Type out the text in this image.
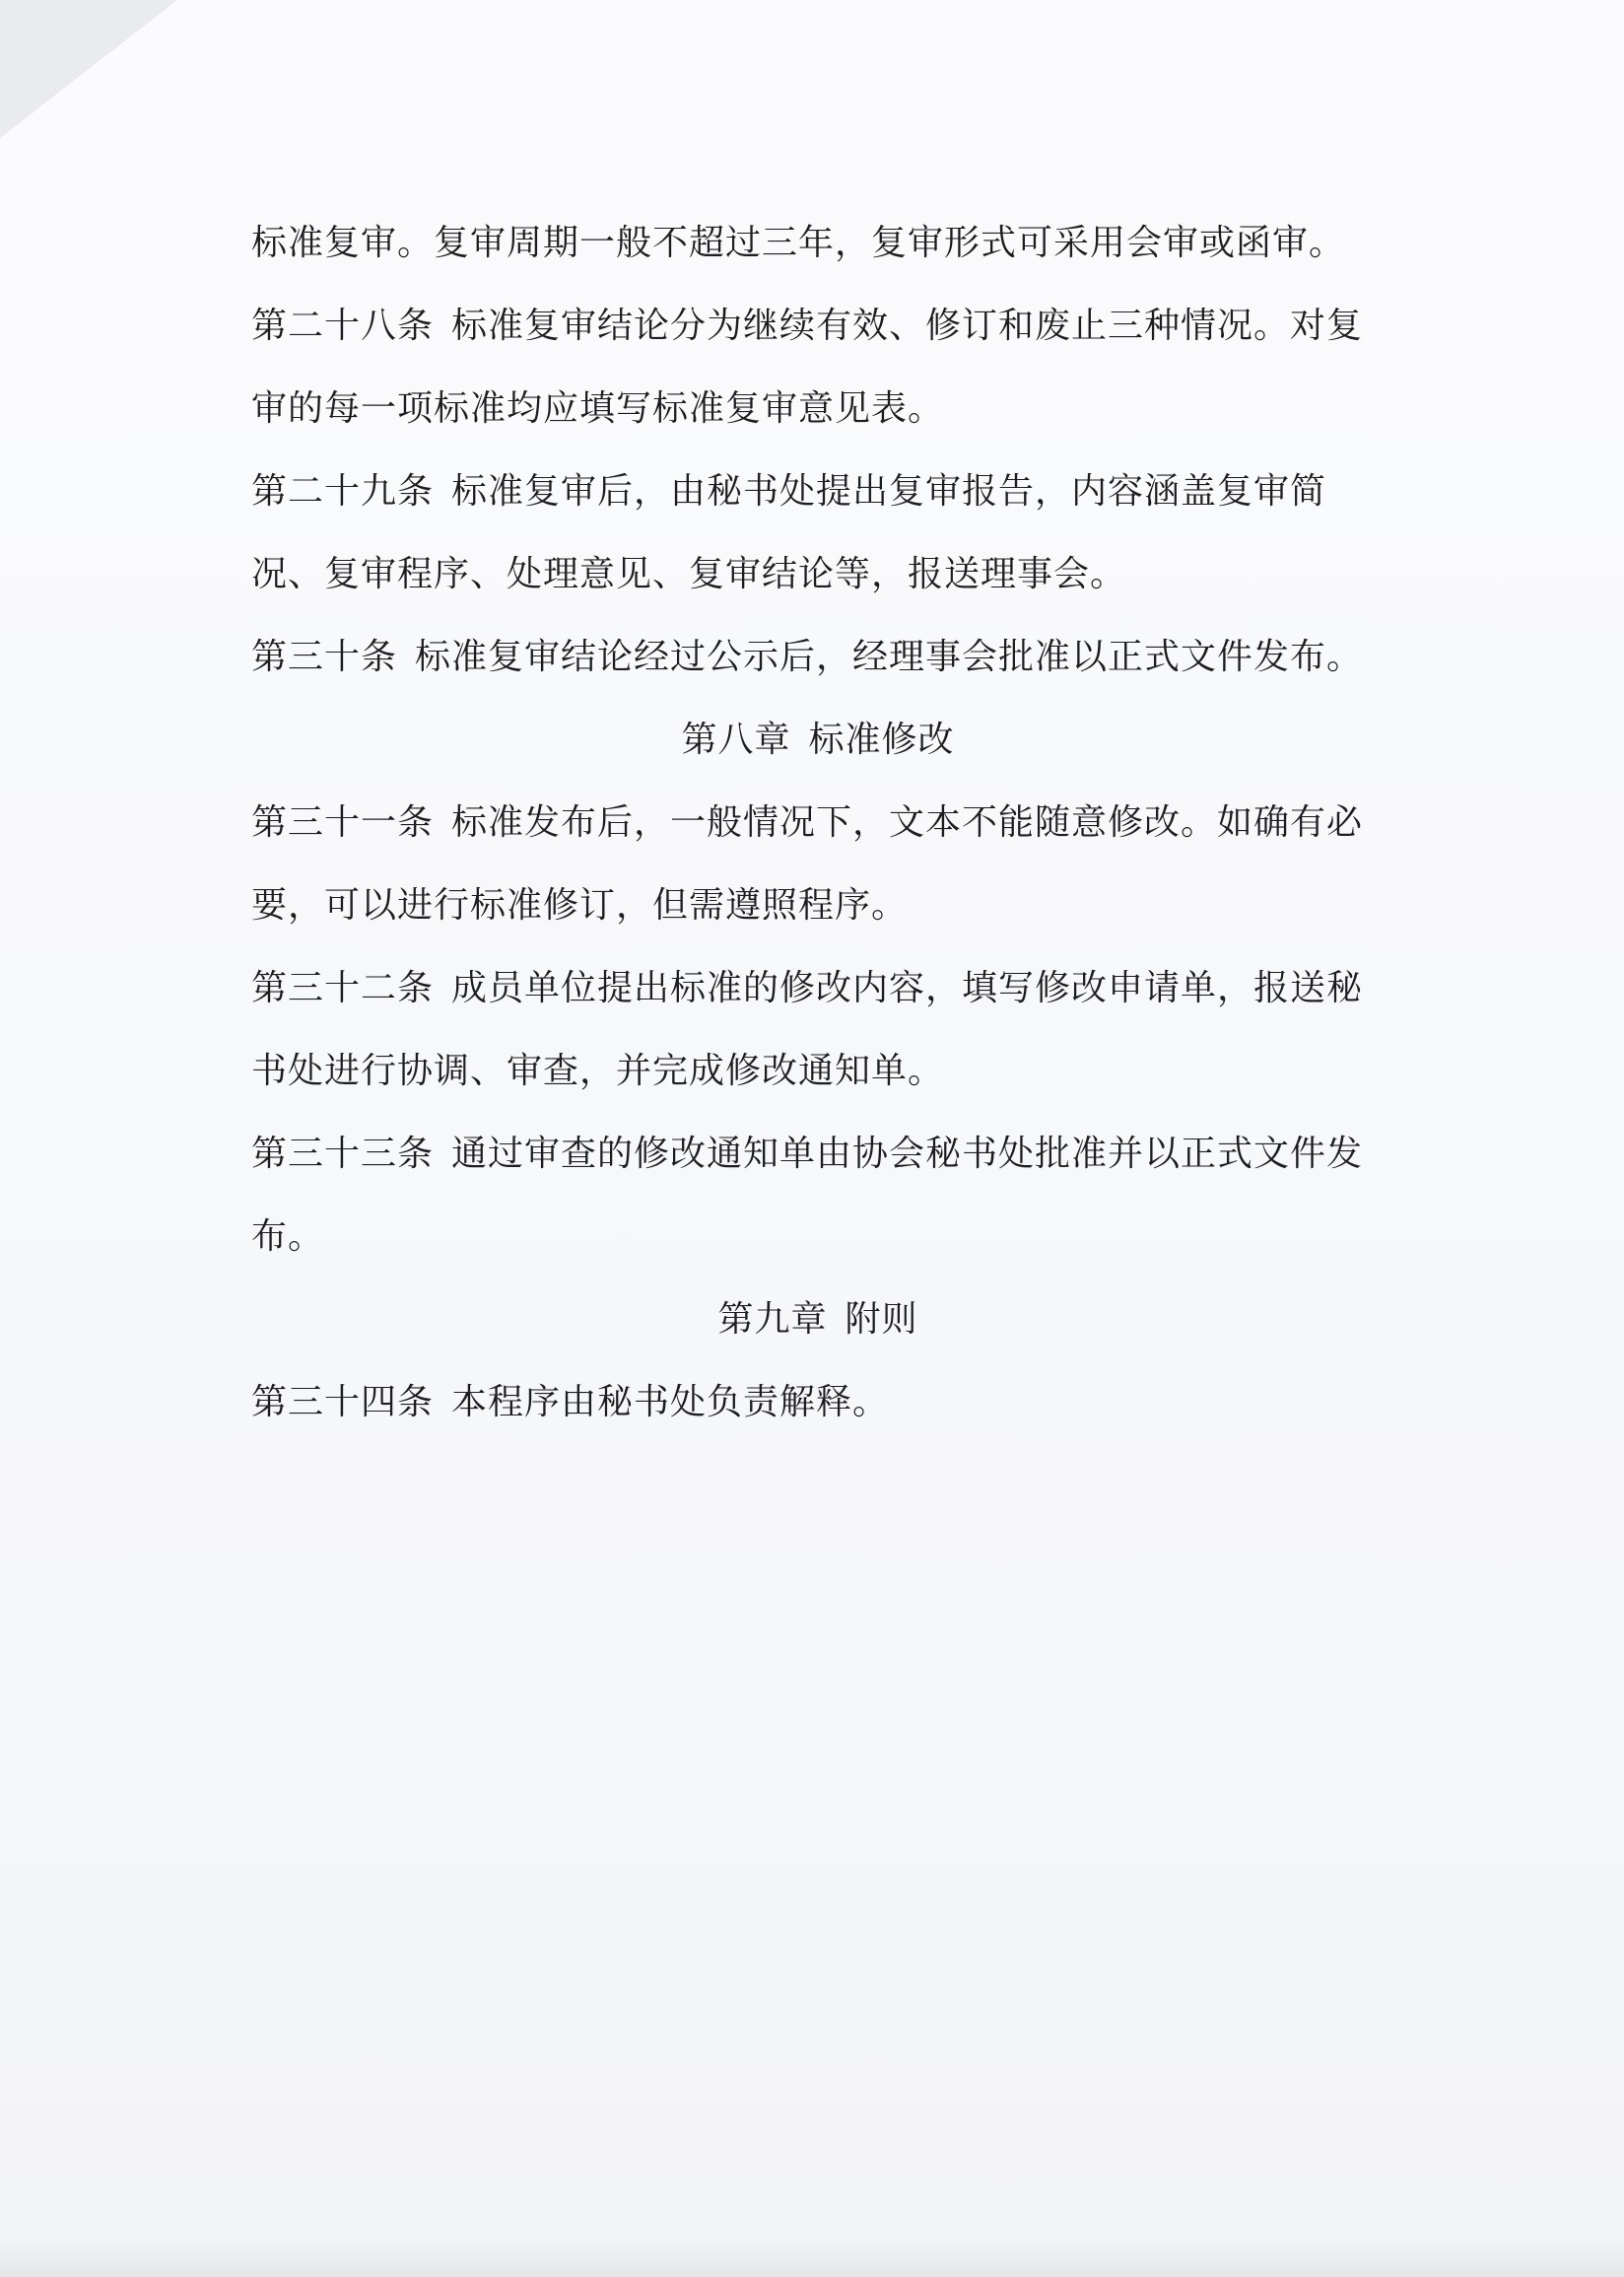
标准复审。复审周期一般不超过三年，复审形式可采用会审或函审。

第二十八条 标准复审结论分为继续有效、修订和废止三种情况。对复审的每一项标准均应填写标准复审意见表。

第二十九条 标准复审后，由秘书处提出复审报告，内容涵盖复审简况、复审程序、处理意见、复审结论等，报送理事会。

第三十条 标准复审结论经过公示后，经理事会批准以正式文件发布。

第八章 标准修改

第三十一条 标准发布后，一般情况下，文本不能随意修改。如确有必要，可以进行标准修订，但需遵照程序。

第三十二条 成员单位提出标准的修改内容，填写修改申请单，报送秘书处进行协调、审查，并完成修改通知单。

第三十三条 通过审查的修改通知单由协会秘书处批准并以正式文件发布。

第九章 附则

第三十四条 本程序由秘书处负责解释。
